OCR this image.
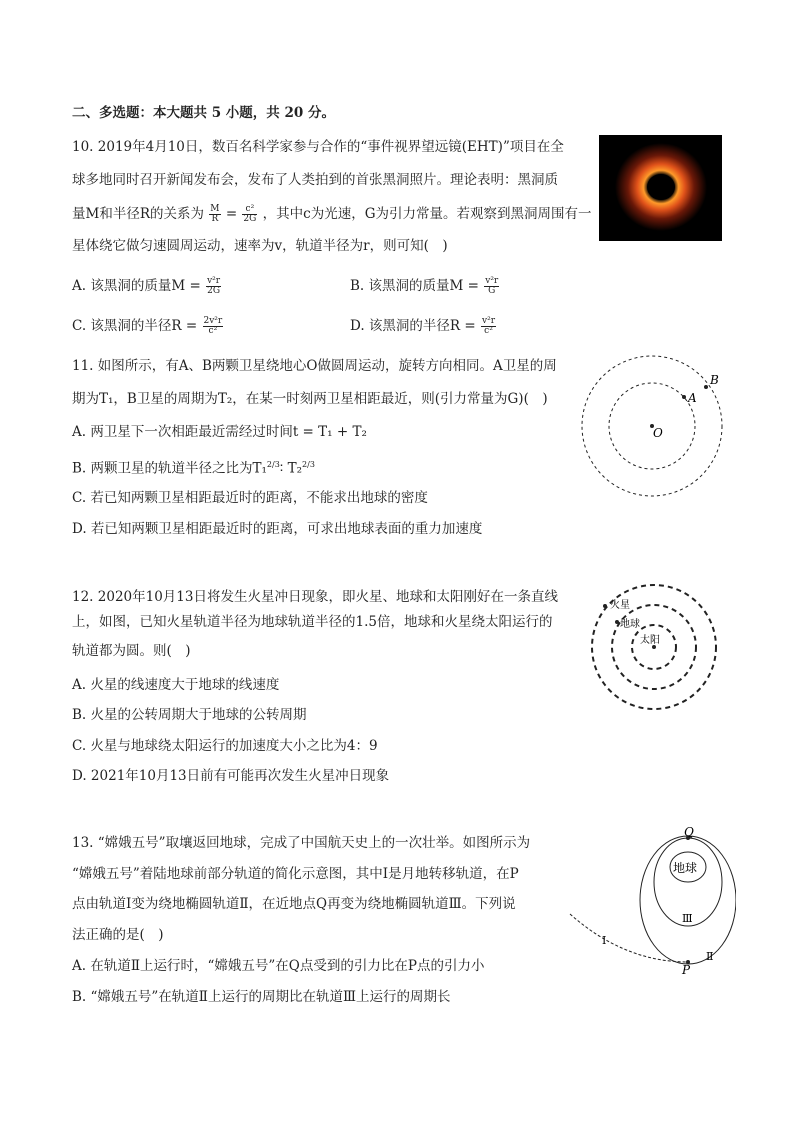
二、多选题：本大题共 5 小题，共 20 分。
10. 2019年4月10日，数百名科学家参与合作的“事件视界望远镜(EHT)”项目在全
球多地同时召开新闻发布会，发布了人类拍到的首张黑洞照片。理论表明：黑洞质
量M和半径R的关系为 $\frac{M}{R} = \frac{\text{c²}}{2G}$ ，其中c为光速，G为引力常量。若观察到黑洞周围有一
星体绕它做匀速圆周运动，速率为v，轨道半径为r，则可知(　)
A. 该黑洞的质量$M = \frac{\text{v²r}}{2G}$	B. 该黑洞的质量$M = \frac{\text{v²r}}{G}$
C. 该黑洞的半径$R = \frac{\text{2v²r}}{\text{c²}}$	D. 该黑洞的半径$R = \frac{\text{v²r}}{\text{c²}}$
11. 如图所示，有A、B两颗卫星绕地心O做圆周运动，旋转方向相同。A卫星的周
期为T₁，B卫星的周期为T₂，在某一时刻两卫星相距最近，则(引力常量为G)(　)
A. 两卫星下一次相距最近需经过时间t = T₁ + T₂
B. 两颗卫星的轨道半径之比为T₁$^{2/3}$∶ T₂$^{2/3}$
C. 若已知两颗卫星相距最近时的距离，不能求出地球的密度
D. 若已知两颗卫星相距最近时的距离，可求出地球表面的重力加速度
A
B
O
12. 2020年10月13日将发生火星冲日现象，即火星、地球和太阳刚好在一条直线
上，如图，已知火星轨道半径为地球轨道半径的1.5倍，地球和火星绕太阳运行的
轨道都为圆。则(　)
A. 火星的线速度大于地球的线速度
B. 火星的公转周期大于地球的公转周期
C. 火星与地球绕太阳运行的加速度大小之比为4：9
D. 2021年10月13日前有可能再次发生火星冲日现象
火星
地球
太阳
13. “嫦娥五号”取壤返回地球，完成了中国航天史上的一次壮举。如图所示为
“嫦娥五号”着陆地球前部分轨道的简化示意图，其中Ⅰ是月地转移轨道，在P
点由轨道Ⅰ变为绕地椭圆轨道Ⅱ，在近地点Q再变为绕地椭圆轨道Ⅲ。下列说
法正确的是(　)
A. 在轨道Ⅱ上运行时，“嫦娥五号”在Q点受到的引力比在P点的引力小
B. “嫦娥五号”在轨道Ⅱ上运行的周期比在轨道Ⅲ上运行的周期长
Q
P
地球
Ⅰ
Ⅱ
Ⅲ
